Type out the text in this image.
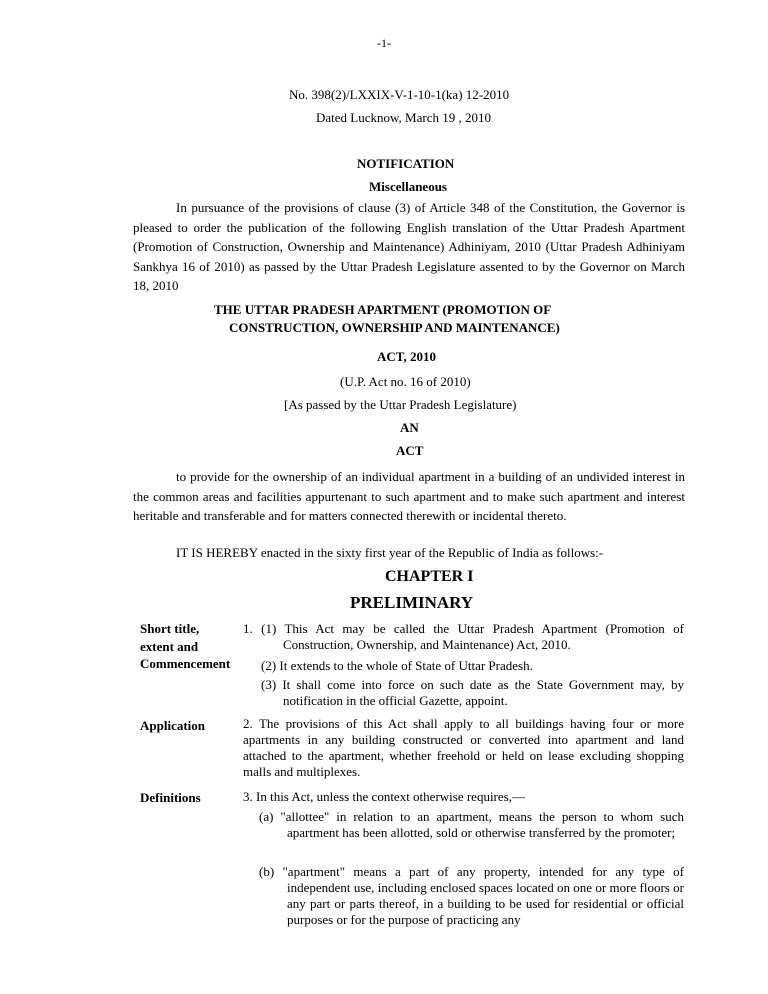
-1-
No. 398(2)/LXXIX-V-1-10-1(ka) 12-2010
Dated Lucknow, March 19 , 2010
NOTIFICATION
Miscellaneous
In pursuance of the provisions of clause (3) of Article 348 of the Constitution, the Governor is pleased to order the publication of the following English translation of the Uttar Pradesh Apartment (Promotion of Construction, Ownership and Maintenance) Adhiniyam, 2010 (Uttar Pradesh Adhiniyam Sankhya 16 of 2010) as passed by the Uttar Pradesh Legislature assented to by the Governor on March 18, 2010
THE UTTAR PRADESH APARTMENT (PROMOTION OF
CONSTRUCTION, OWNERSHIP AND MAINTENANCE)
ACT, 2010
(U.P. Act no. 16 of 2010)
[As passed by the Uttar Pradesh Legislature)
AN
ACT
to provide for the ownership of an individual apartment in a building of an undivided interest in the common areas and facilities appurtenant to such apartment and to make such apartment and interest heritable and transferable and for matters connected therewith or incidental thereto.
IT IS HEREBY enacted in the sixty first year of the Republic of India as follows:-
CHAPTER I
PRELIMINARY
Short title,
extent and
Commencement
1. (1) This Act may be called the Uttar Pradesh Apartment (Promotion of Construction, Ownership, and Maintenance) Act, 2010.
(2) It extends to the whole of State of Uttar Pradesh.
(3) It shall come into force on such date as the State Government may, by notification in the official Gazette, appoint.
Application	2. The provisions of this Act shall apply to all buildings having four or more apartments in any building constructed or converted into apartment and land attached to the apartment, whether freehold or held on lease excluding shopping malls and multiplexes.
Definitions	3. In this Act, unless the context otherwise requires,—
(a) "allottee" in relation to an apartment, means the person to whom such apartment has been allotted, sold or otherwise transferred by the promoter;
(b) "apartment" means a part of any property, intended for any type of independent use, including enclosed spaces located on one or more floors or any part or parts thereof, in a building to be used for residential or official purposes or for the purpose of practicing any
